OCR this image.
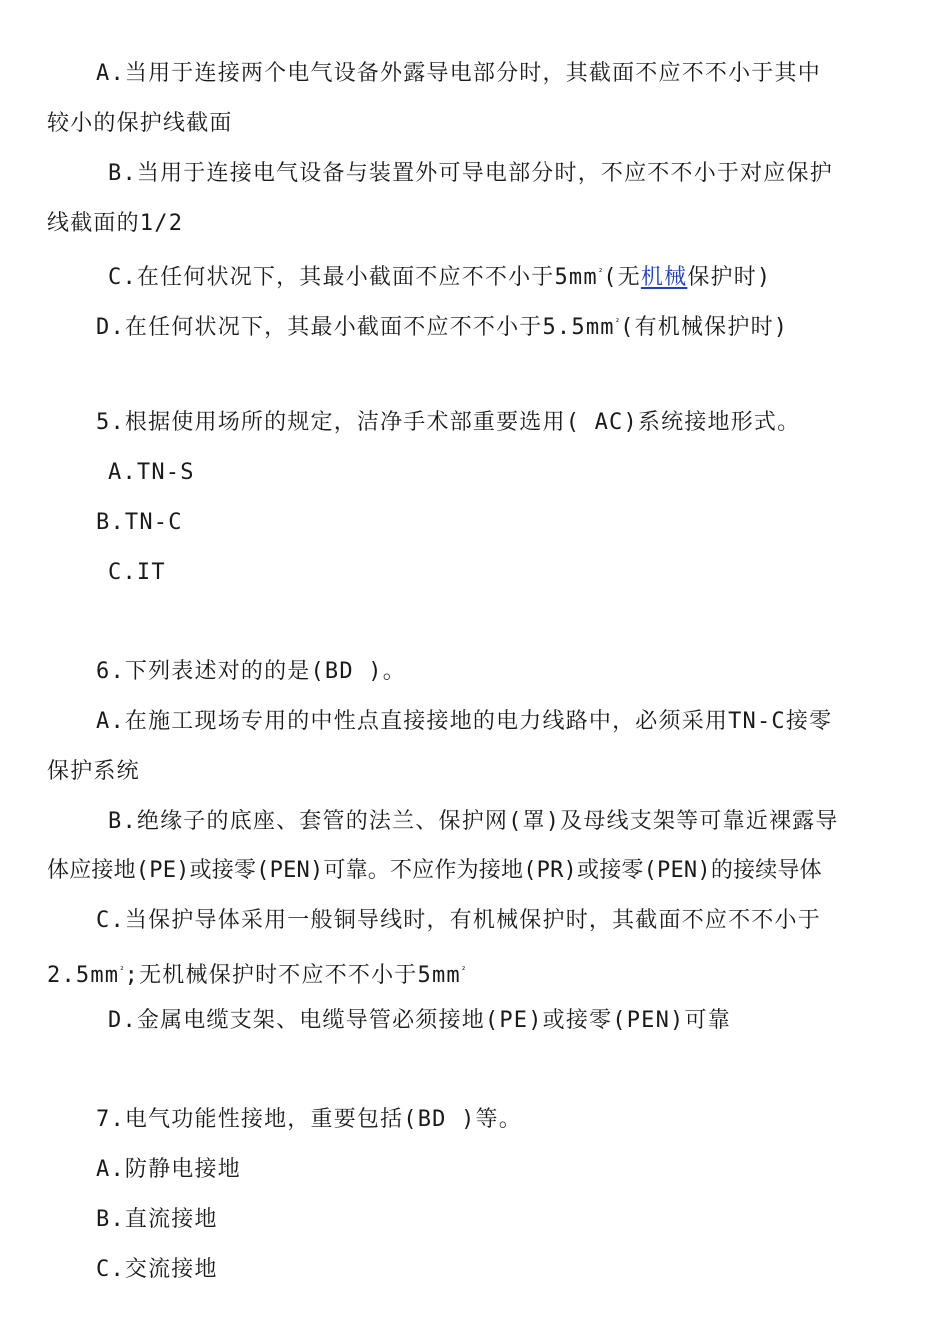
A.当用于连接两个电气设备外露导电部分时，其截面不应不不小于其中
较小的保护线截面
B.当用于连接电气设备与装置外可导电部分时，不应不不小于对应保护
线截面的1/2
C.在任何状况下，其最小截面不应不不小于$5mm^{^2}$(无机械保护时)
D.在任何状况下，其最小截面不应不不小于$5.5mm^{^2}$(有机械保护时)
5.根据使用场所的规定，洁净手术部重要选用( AC)系统接地形式。
A.TN-S
B.TN-C
C.IT
6.下列表述对的的是(BD )。
A.在施工现场专用的中性点直接接地的电力线路中，必须采用TN-C接零
保护系统
B.绝缘子的底座、套管的法兰、保护网(罩)及母线支架等可靠近裸露导
体应接地(PE)或接零(PEN)可靠。不应作为接地(PR)或接零(PEN)的接续导体
C.当保护导体采用一般铜导线时，有机械保护时，其截面不应不不小于
$2.5mm^{^2}$;无机械保护时不应不不小于$5mm^{^2}$
D.金属电缆支架、电缆导管必须接地(PE)或接零(PEN)可靠
7.电气功能性接地，重要包括(BD )等。
A.防静电接地
B.直流接地
C.交流接地
